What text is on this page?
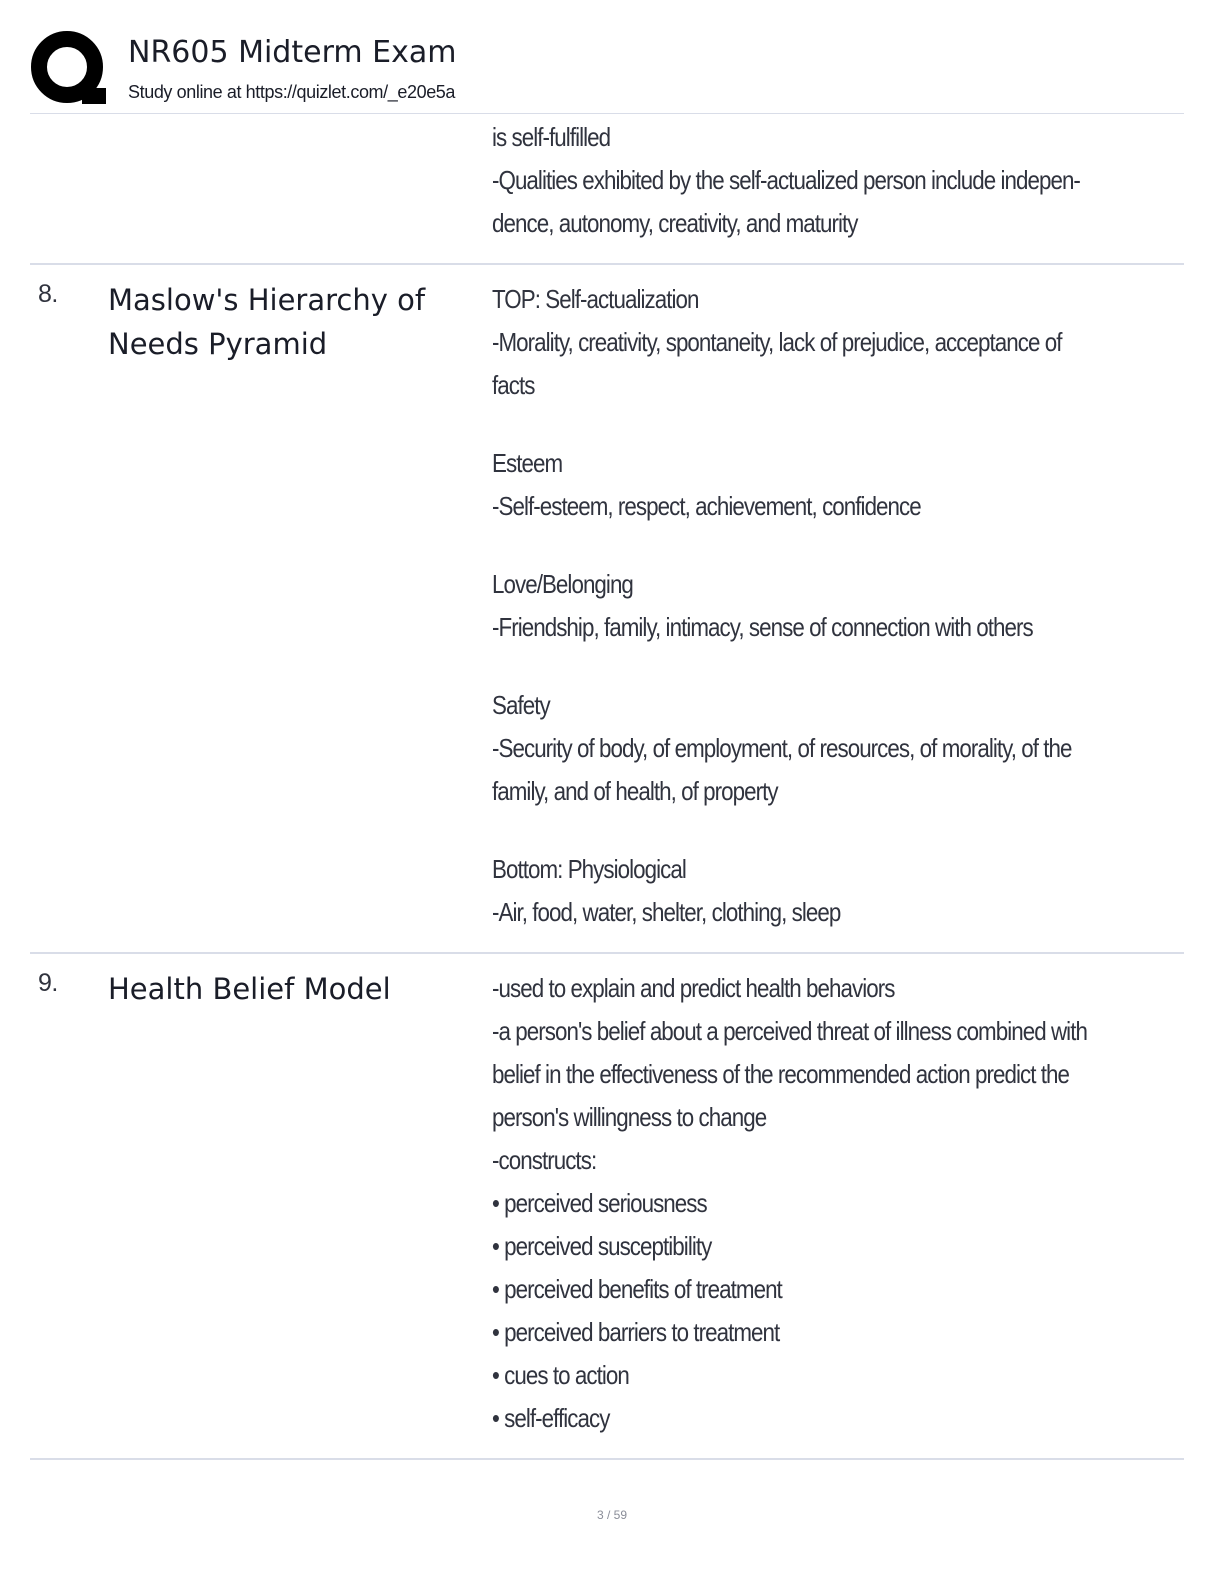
NR605 Midterm Exam
Study online at https://quizlet.com/_e20e5a
is self-fulfilled
-Qualities exhibited by the self-actualized person include indepen-
dence, autonomy, creativity, and maturity
8. Maslow's Hierarchy of
Needs Pyramid
TOP: Self-actualization
-Morality, creativity, spontaneity, lack of prejudice, acceptance of
facts
Esteem
-Self-esteem, respect, achievement, confidence
Love/Belonging
-Friendship, family, intimacy, sense of connection with others
Safety
-Security of body, of employment, of resources, of morality, of the
family, and of health, of property
Bottom: Physiological
-Air, food, water, shelter, clothing, sleep
9. Health Belief Model	-used to explain and predict health behaviors
-a person's belief about a perceived threat of illness combined with
belief in the effectiveness of the recommended action predict the
person's willingness to change
-constructs:
• perceived seriousness
• perceived susceptibility
• perceived benefits of treatment
• perceived barriers to treatment
• cues to action
• self-efficacy
3 / 59
